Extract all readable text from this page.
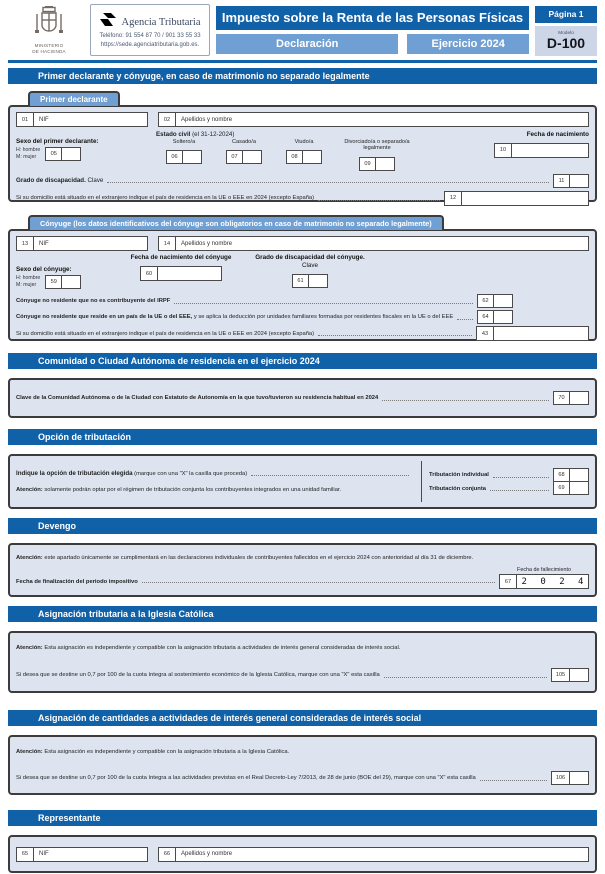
MINISTERIO
DE HACIENDA
Agencia Tributaria
Teléfono: 91 554 87 70 / 901 33 55 33
https://sede.agenciatributaria.gob.es.
Impuesto sobre la Renta de las Personas Físicas
Declaración	Ejercicio 2024
Página 1
Modelo
D-100
Primer declarante y cónyuge, en caso de matrimonio no separado legalmente
Primer declarante
01	NIF	02	Apellidos y nombre
Sexo del primer declarante:
H: hombre
M: mujer	05
Estado civil (el 31-12-2024)
Soltero/a
06
Casado/a
07
Viudo/a
08
Divorciado/a o separado/a legalmente
09
Fecha de nacimiento
10
Grado de discapacidad. Clave	11
Si su domicilio está situado en el extranjero indique el país de residencia en la UE o EEE en 2024 (excepto España)	12
Cónyuge (los datos identificativos del cónyuge son obligatorios en caso de matrimonio no separado legalmente)
13	NIF	14	Apellidos y nombre
Sexo del cónyuge:
H: hombre
M: mujer	59
Fecha de nacimiento del cónyuge
60
Grado de discapacidad del cónyuge. Clave
61
Cónyuge no residente que no es contribuyente del IRPF	62
Cónyuge no residente que reside en un país de la UE o del EEE, y se aplica la deducción por unidades familiares formadas por residentes fiscales en la UE o del EEE	64
Si su domicilio está situado en el extranjero indique el país de residencia en la UE o EEE en 2024 (excepto España)	43
Comunidad o Ciudad Autónoma de residencia en el ejercicio 2024
Clave de la Comunidad Autónoma o de la Ciudad con Estatuto de Autonomía en la que tuvo/tuvieron su residencia habitual en 2024	70
Opción de tributación
Indique la opción de tributación elegida (marque con una "X" la casilla que proceda)
Atención: solamente podrán optar por el régimen de tributación conjunta los contribuyentes integrados en una unidad familiar.
Tributación individual	68
Tributación conjunta	69
Devengo
Atención: este apartado únicamente se cumplimentará en las declaraciones individuales de contribuyentes fallecidos en el ejercicio 2024 con anterioridad al día 31 de diciembre.
Fecha de finalización del periodo impositivo
Fecha de fallecimiento
67	2 0 2 4
Asignación tributaria a la Iglesia Católica
Atención: Esta asignación es independiente y compatible con la asignación tributaria a actividades de interés general consideradas de interés social.
Si desea que se destine un 0,7 por 100 de la cuota íntegra al sostenimiento económico de la Iglesia Católica, marque con una "X" esta casilla	105
Asignación de cantidades a actividades de interés general consideradas de interés social
Atención: Esta asignación es independiente y compatible con la asignación tributaria a la Iglesia Católica.
Si desea que se destine un 0,7 por 100 de la cuota íntegra a las actividades previstas en el Real Decreto-Ley 7/2013, de 28 de junio (BOE del 29), marque con una "X" esta casilla	106
Representante
65	NIF	66	Apellidos y nombre
